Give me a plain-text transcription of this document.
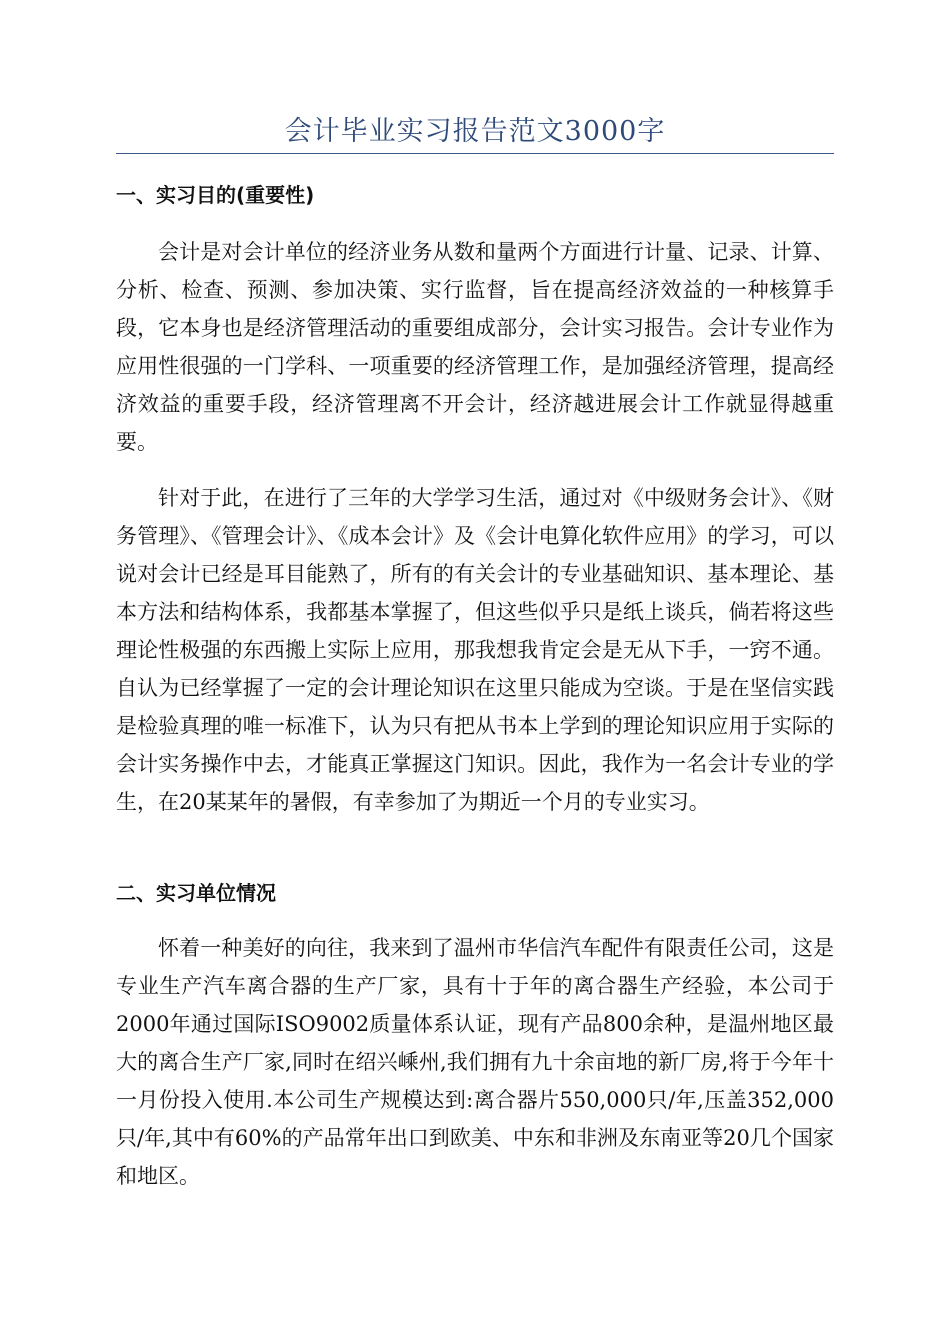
会计毕业实习报告范文3000字
一、实习目的(重要性)
会计是对会计单位的经济业务从数和量两个方面进行计量、记录、计算、分析、检查、预测、参加决策、实行监督，旨在提高经济效益的一种核算手段，它本身也是经济管理活动的重要组成部分，会计实习报告。会计专业作为应用性很强的一门学科、一项重要的经济管理工作，是加强经济管理，提高经济效益的重要手段，经济管理离不开会计，经济越进展会计工作就显得越重要。
针对于此，在进行了三年的大学学习生活，通过对《中级财务会计》、《财务管理》、《管理会计》、《成本会计》及《会计电算化软件应用》的学习，可以说对会计已经是耳目能熟了，所有的有关会计的专业基础知识、基本理论、基本方法和结构体系，我都基本掌握了，但这些似乎只是纸上谈兵，倘若将这些理论性极强的东西搬上实际上应用，那我想我肯定会是无从下手，一窍不通。自认为已经掌握了一定的会计理论知识在这里只能成为空谈。于是在坚信实践是检验真理的唯一标准下，认为只有把从书本上学到的理论知识应用于实际的会计实务操作中去，才能真正掌握这门知识。因此，我作为一名会计专业的学生，在20某某年的暑假，有幸参加了为期近一个月的专业实习。
二、实习单位情况
怀着一种美好的向往，我来到了温州市华信汽车配件有限责任公司，这是专业生产汽车离合器的生产厂家，具有十于年的离合器生产经验，本公司于2000年通过国际ISO9002质量体系认证，现有产品800余种，是温州地区最大的离合生产厂家,同时在绍兴嵊州,我们拥有九十余亩地的新厂房,将于今年十一月份投入使用.本公司生产规模达到:离合器片550,000只/年,压盖352,000只/年,其中有60%的产品常年出口到欧美、中东和非洲及东南亚等20几个国家和地区。
